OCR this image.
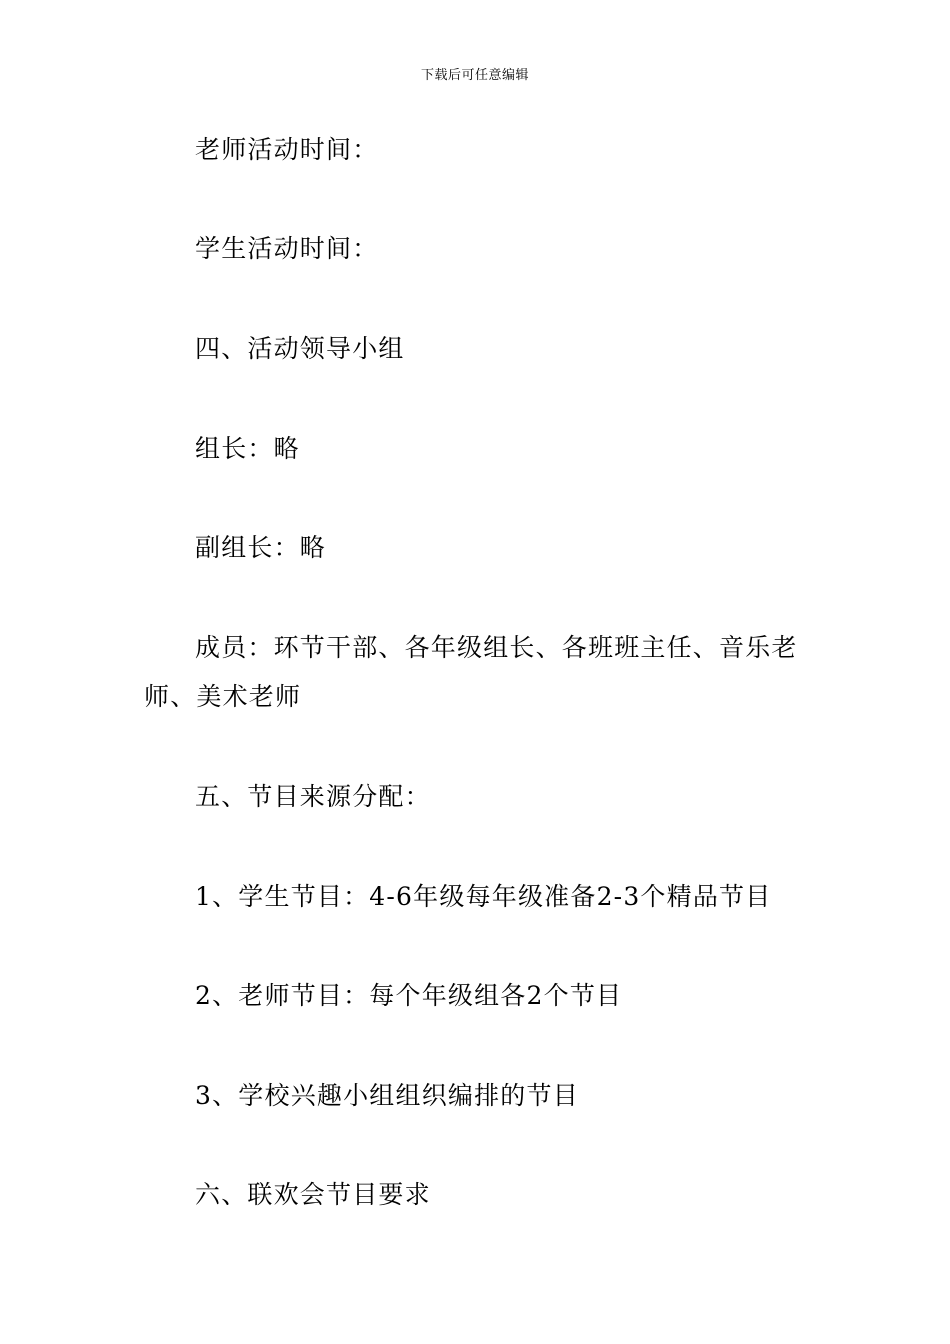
下载后可任意编辑

老师活动时间：

学生活动时间：

四、活动领导小组

组长：略

副组长：略

成员：环节干部、各年级组长、各班班主任、音乐老师、美术老师

五、节目来源分配：

1、学生节目：4-6年级每年级准备2-3个精品节目

2、老师节目：每个年级组各2个节目

3、学校兴趣小组组织编排的节目

六、联欢会节目要求
